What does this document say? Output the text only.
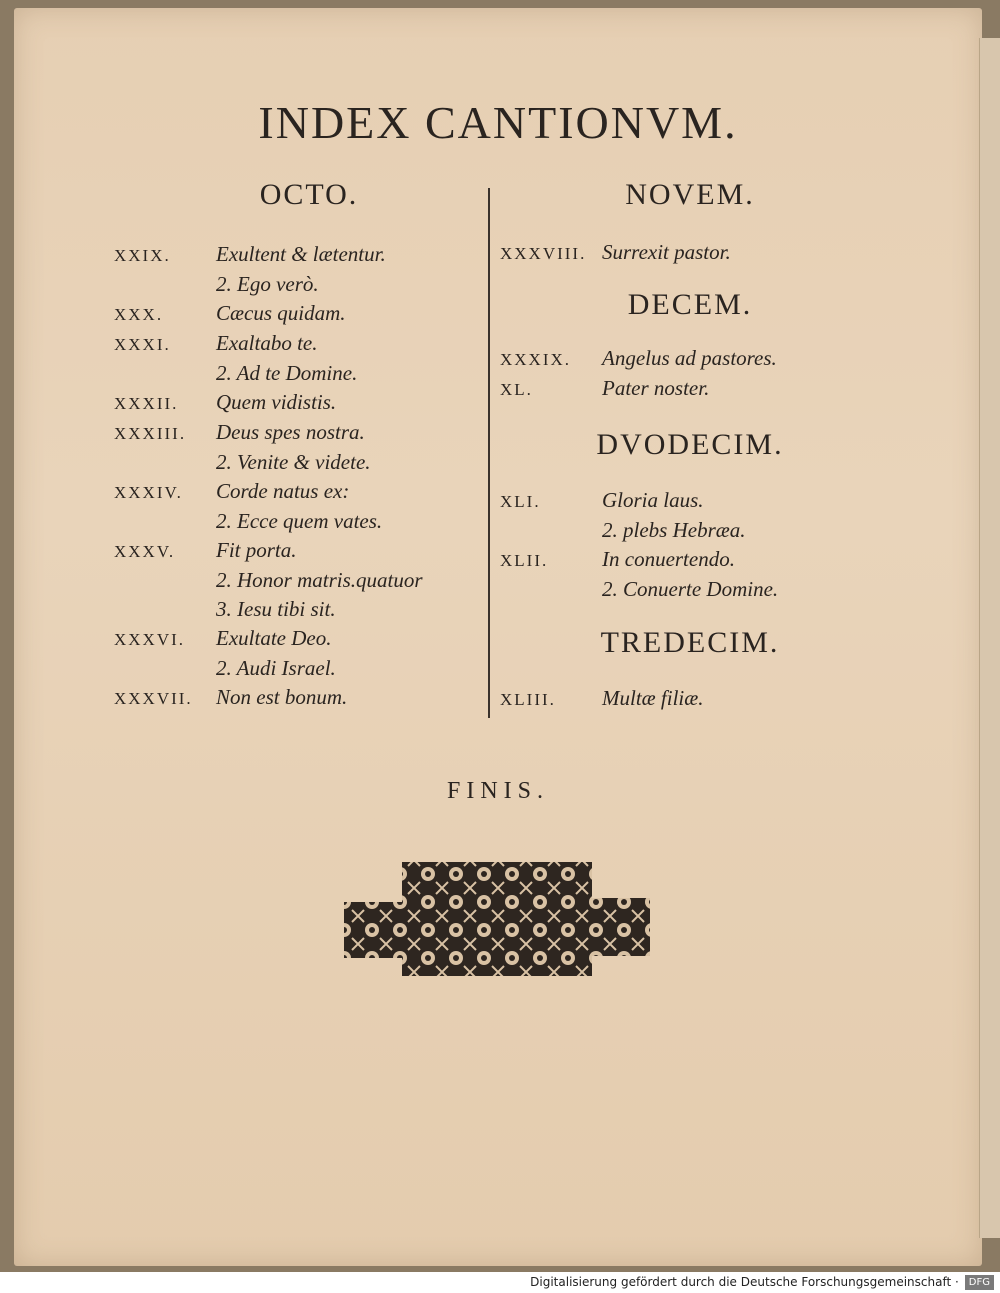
INDEX CANTIONVM.

OCTO.

XXIX. Exultent & lætentur.

2. Ego verò.

XXX.	Cæcus quidam.

XXXI. Exaltabo te.

2. Ad te Domine.

XXXII. Quem vidistis.

XXXIII. Deus spes nostra.

2. Venite & videte.

XXXIV. Corde natus ex:

2. Ecce quem vates.

XXXV. Fit porta.

2. Honor matris.quatuor

3. Iesu tibi sit.

XXXVI. Exultate Deo.

2. Audi Israel.

XXXVII. Non est bonum.

NOVEM.

XXXVIII. Surrexit pastor.

DECEM.

XXXIX. Angelus ad pastores.

XL.	Pater noster.

DVODECIM.

XLI.	Gloria laus.

2. plebs Hebræa.

XLII.	In conuertendo.

2. Conuerte Domine.

TREDECIM.

XLIII. Multæ filiæ.

FINIS.
Digitalisierung gefördert durch die Deutsche Forschungsgemeinschaft · DFG
